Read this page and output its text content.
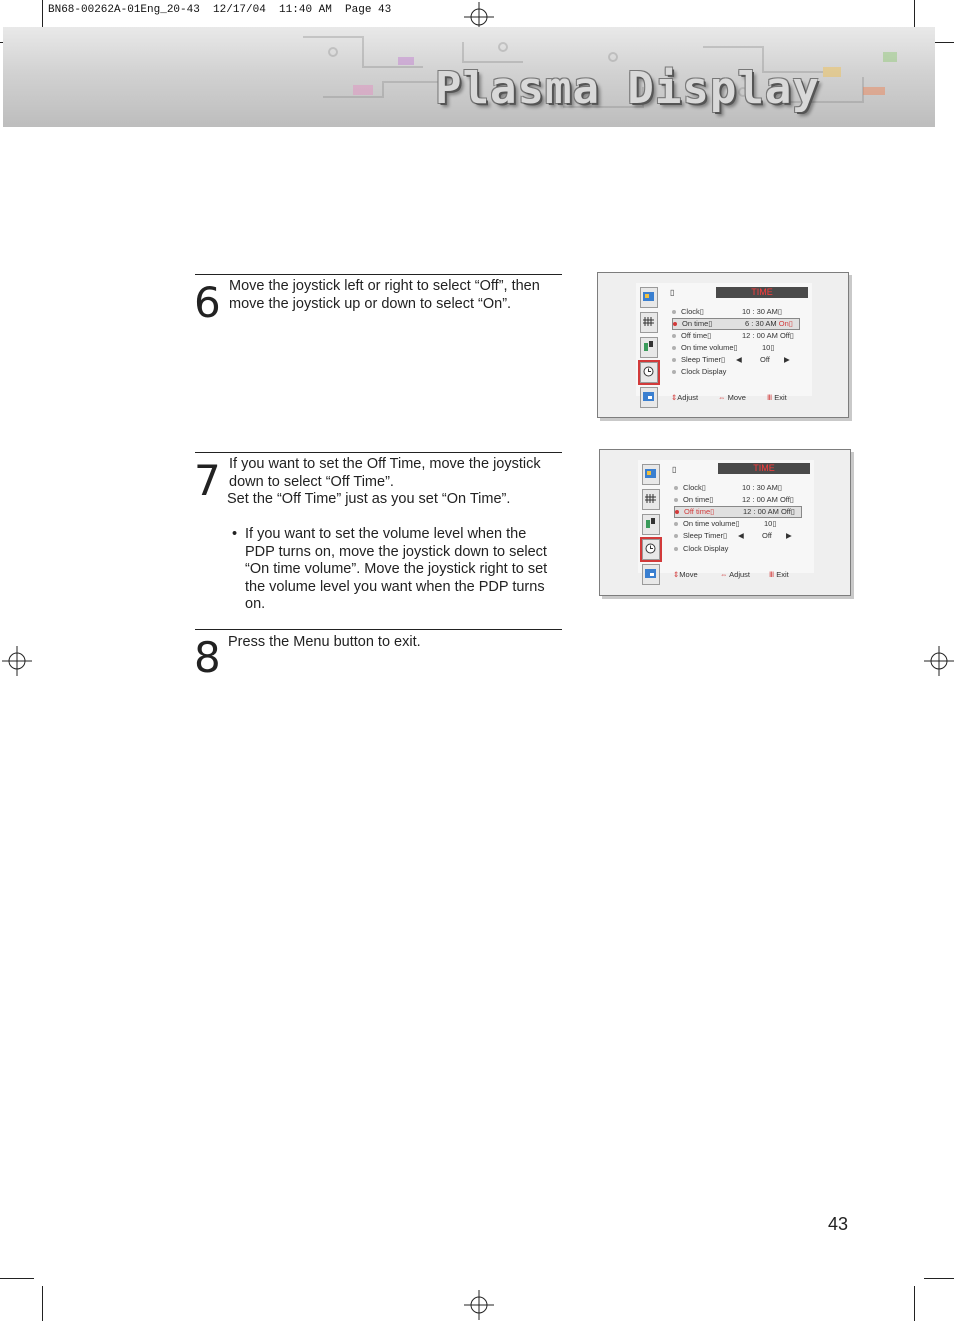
BN68-00262A-01Eng_20-43  12/17/04  11:40 AM  Page 43
Plasma Display
6 Move the joystick left or right to select “Off”, then move the joystick up or down to select “On”.

▯	TIME
Clock▯	10 : 30 AM▯
On time▯	6 : 30 AM On▯
Off time▯	12 : 00 AM Off▯
On time volume▯	10▯
Sleep Timer▯ ◀ Off ▶
Clock Display
⇕Adjust	⇔ Move	Ⅲ Exit
7 If you want to set the Off Time, move the joystick down to select “Off Time”.

Set the “Off Time” just as you set “On Time”.

• If you want to set the volume level when the PDP turns on, move the joystick down to select “On time volume”. Move the joystick right to set the volume level you want when the PDP turns on.
▯	TIME
Clock▯	10 : 30 AM▯
On time▯	12 : 00 AM Off▯
Off time▯	12 : 00 AM Off▯
On time volume▯	10▯
Sleep Timer▯ ◀ Off ▶
Clock Display
⇕Move	⇔ Adjust	Ⅲ Exit
8 Press the Menu button to exit.

43
